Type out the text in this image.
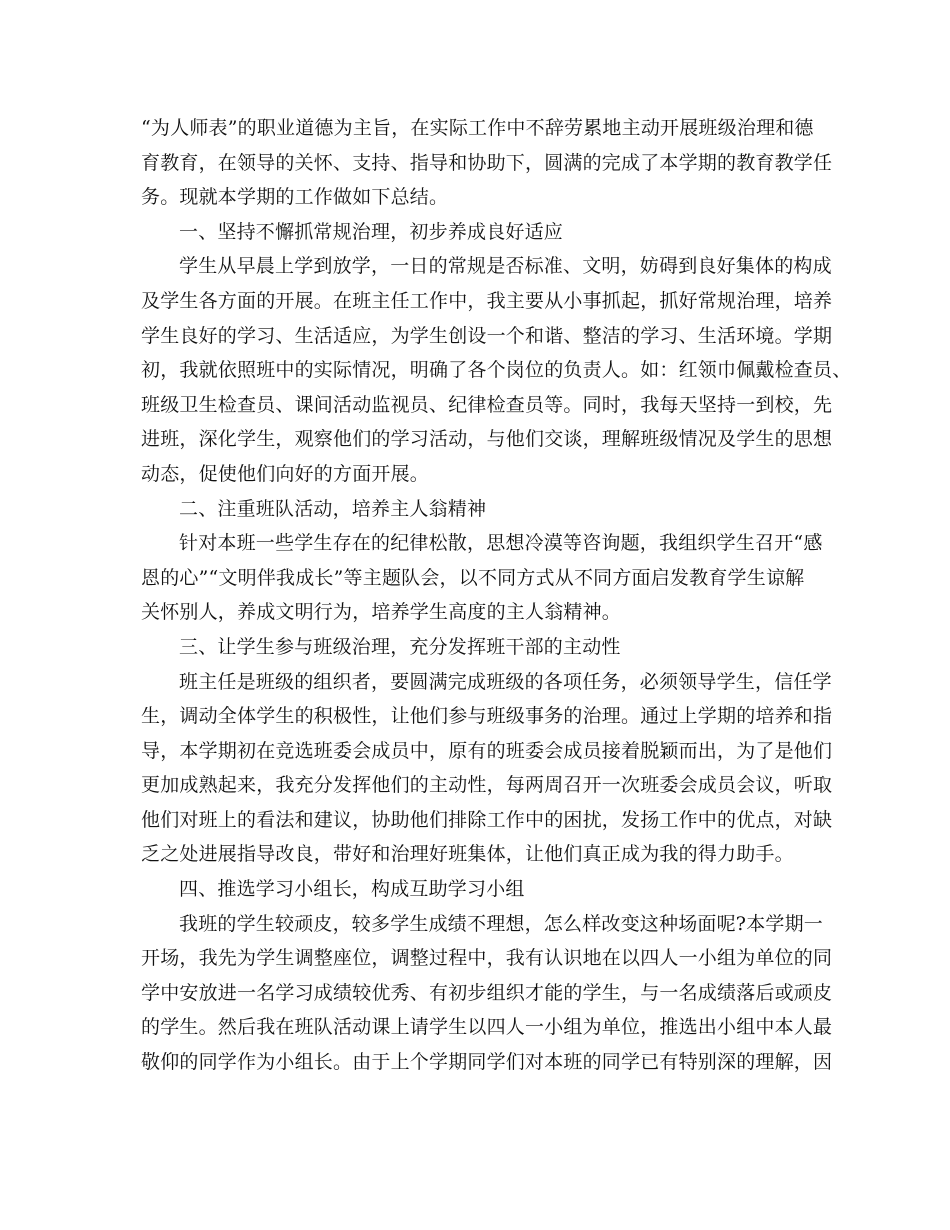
“为人师表”的职业道德为主旨，在实际工作中不辞劳累地主动开展班级治理和德
育教育，在领导的关怀、支持、指导和协助下，圆满的完成了本学期的教育教学任
务。现就本学期的工作做如下总结。
一、坚持不懈抓常规治理，初步养成良好适应
学生从早晨上学到放学，一日的常规是否标准、文明，妨碍到良好集体的构成
及学生各方面的开展。在班主任工作中，我主要从小事抓起，抓好常规治理，培养
学生良好的学习、生活适应，为学生创设一个和谐、整洁的学习、生活环境。学期
初，我就依照班中的实际情况，明确了各个岗位的负责人。如：红领巾佩戴检查员、
班级卫生检查员、课间活动监视员、纪律检查员等。同时，我每天坚持一到校，先
进班，深化学生，观察他们的学习活动，与他们交谈，理解班级情况及学生的思想
动态，促使他们向好的方面开展。
二、注重班队活动，培养主人翁精神
针对本班一些学生存在的纪律松散，思想冷漠等咨询题，我组织学生召开“感
恩的心”“文明伴我成长”等主题队会，以不同方式从不同方面启发教育学生谅解
关怀别人，养成文明行为，培养学生高度的主人翁精神。
三、让学生参与班级治理，充分发挥班干部的主动性
班主任是班级的组织者，要圆满完成班级的各项任务，必须领导学生，信任学
生，调动全体学生的积极性，让他们参与班级事务的治理。通过上学期的培养和指
导，本学期初在竞选班委会成员中，原有的班委会成员接着脱颖而出，为了是他们
更加成熟起来，我充分发挥他们的主动性，每两周召开一次班委会成员会议，听取
他们对班上的看法和建议，协助他们排除工作中的困扰，发扬工作中的优点，对缺
乏之处进展指导改良，带好和治理好班集体，让他们真正成为我的得力助手。
四、推选学习小组长，构成互助学习小组
我班的学生较顽皮，较多学生成绩不理想，怎么样改变这种场面呢?本学期一
开场，我先为学生调整座位，调整过程中，我有认识地在以四人一小组为单位的同
学中安放进一名学习成绩较优秀、有初步组织才能的学生，与一名成绩落后或顽皮
的学生。然后我在班队活动课上请学生以四人一小组为单位，推选出小组中本人最
敬仰的同学作为小组长。由于上个学期同学们对本班的同学已有特别深的理解，因
